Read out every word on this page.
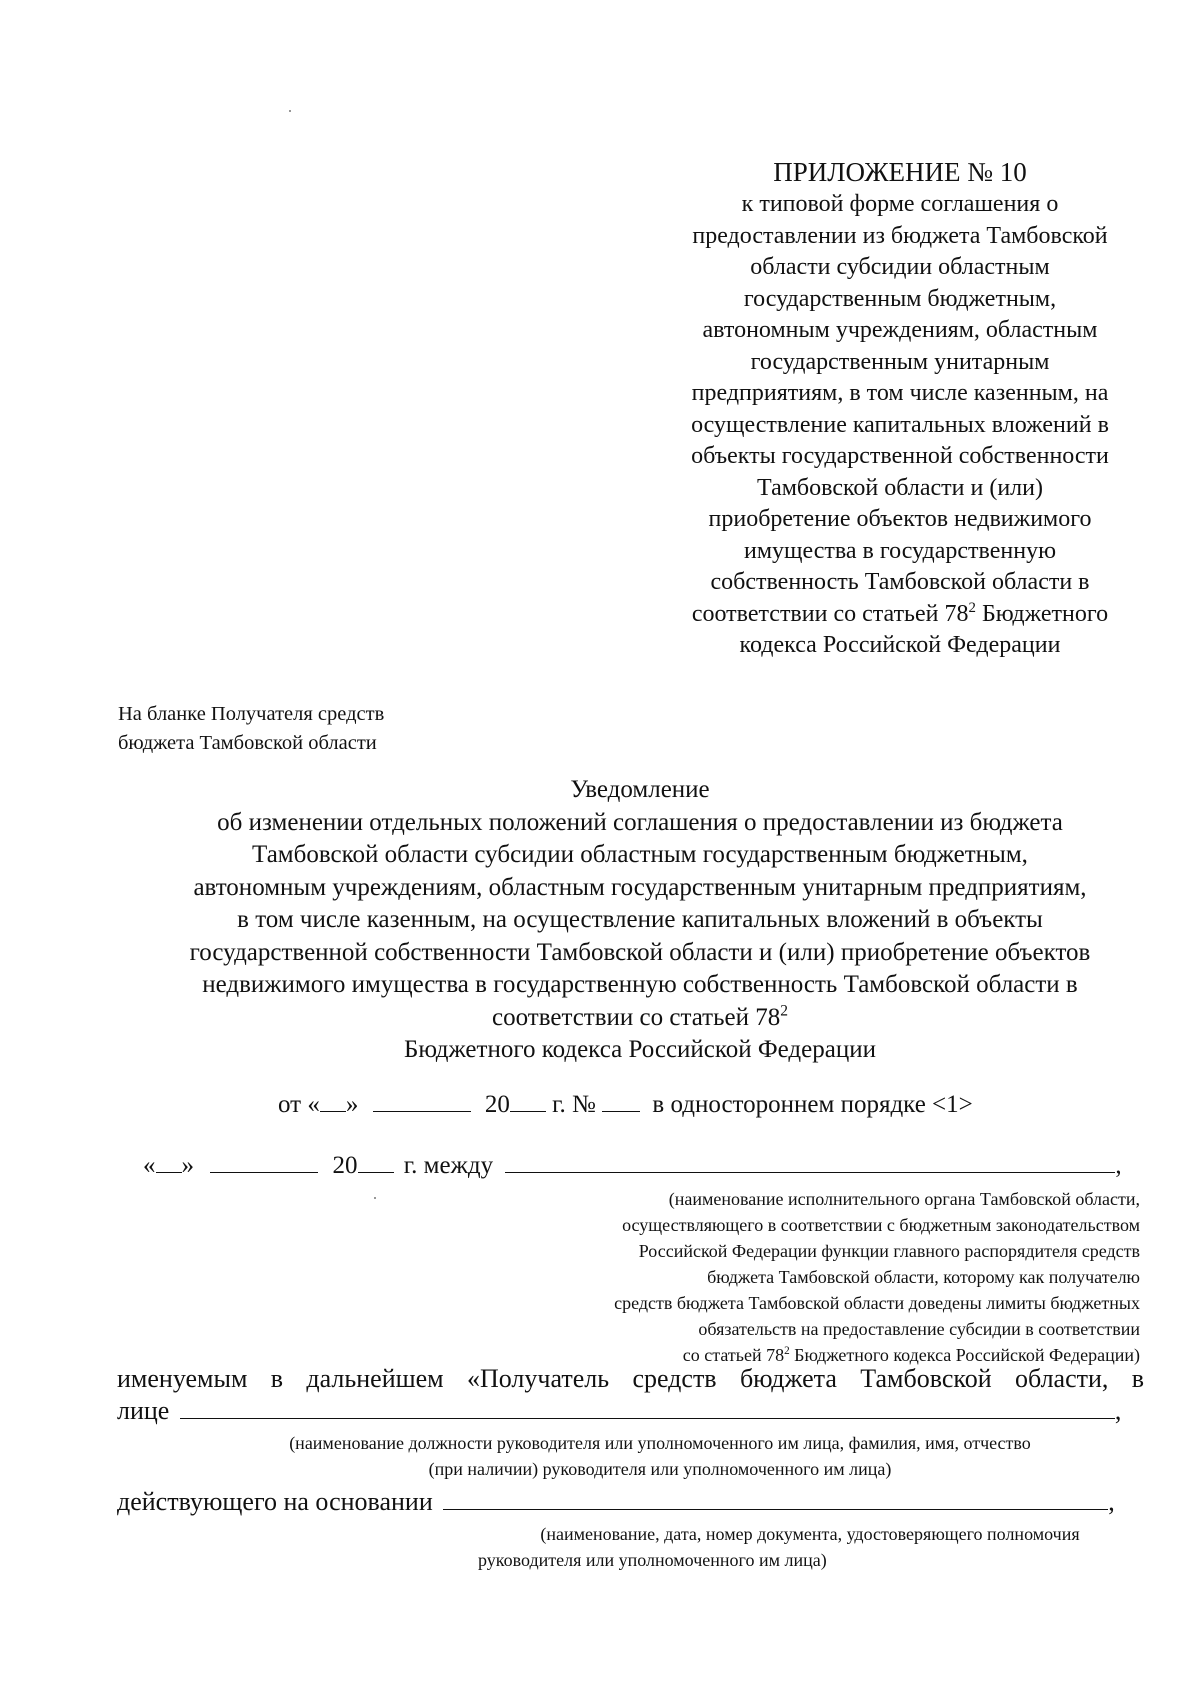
ПРИЛОЖЕНИЕ № 10
к типовой форме соглашения о
предоставлении из бюджета Тамбовской
области субсидии областным
государственным бюджетным,
автономным учреждениям, областным
государственным унитарным
предприятиям, в том числе казенным, на
осуществление капитальных вложений в
объекты государственной собственности
Тамбовской области и (или)
приобретение объектов недвижимого
имущества в государственную
собственность Тамбовской области в
соответствии со статьей $78^2$ Бюджетного
кодекса Российской Федерации
На бланке Получателя средств
бюджета Тамбовской области
Уведомление
об изменении отдельных положений соглашения о предоставлении из бюджета
Тамбовской области субсидии областным государственным бюджетным,
автономным учреждениям, областным государственным унитарным предприятиям,
в том числе казенным, на осуществление капитальных вложений в объекты
государственной собственности Тамбовской области и (или) приобретение объектов
недвижимого имущества в государственную собственность Тамбовской области в
соответствии со статьей $78^2$
Бюджетного кодекса Российской Федерации
от « »	20 г. № в одностороннем порядке <1>
« »	20 г. между	,
(наименование исполнительного органа Тамбовской области,
осуществляющего в соответствии с бюджетным законодательством
Российской Федерации функции главного распорядителя средств
бюджета Тамбовской области, которому как получателю
средств бюджета Тамбовской области доведены лимиты бюджетных
обязательств на предоставление субсидии в соответствии
со статьей $78^2$ Бюджетного кодекса Российской Федерации)
именуемым в дальнейшем «Получатель средств бюджета Тамбовской области, в
лице	,
(наименование должности руководителя или уполномоченного им лица, фамилия, имя, отчество
(при наличии) руководителя или уполномоченного им лица)
действующего на основании	,
(наименование, дата, номер документа, удостоверяющего полномочия
руководителя или уполномоченного им лица)
